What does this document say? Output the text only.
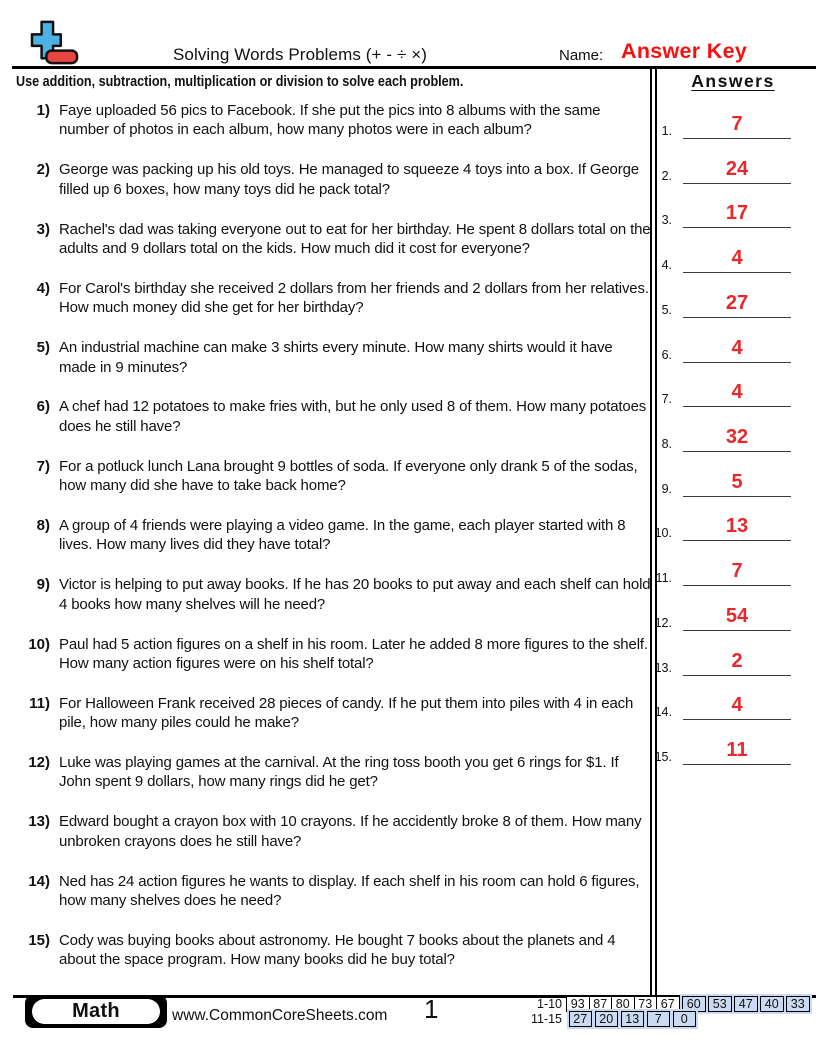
Solving Words Problems (+ - ÷ ×)	Name: Answer Key
Use addition, subtraction, multiplication or division to solve each problem.	Answers
1.	7
2.	24
3.	17
4.	4
5.	27
6.	4
7.	4
8.	32
9.	5
10.	13
11.	7
12.	54
13.	2
14.	4
15.	11
1) Faye uploaded 56 pics to Facebook. If she put the pics into 8 albums with the same number of photos in each album, how many photos were in each album?
2) George was packing up his old toys. He managed to squeeze 4 toys into a box. If George filled up 6 boxes, how many toys did he pack total?
3) Rachel's dad was taking everyone out to eat for her birthday. He spent 8 dollars total on the adults and 9 dollars total on the kids. How much did it cost for everyone?
4) For Carol's birthday she received 2 dollars from her friends and 2 dollars from her relatives. How much money did she get for her birthday?
5) An industrial machine can make 3 shirts every minute. How many shirts would it have made in 9 minutes?
6) A chef had 12 potatoes to make fries with, but he only used 8 of them. How many potatoes does he still have?
7) For a potluck lunch Lana brought 9 bottles of soda. If everyone only drank 5 of the sodas, how many did she have to take back home?
8) A group of 4 friends were playing a video game. In the game, each player started with 8 lives. How many lives did they have total?
9) Victor is helping to put away books. If he has 20 books to put away and each shelf can hold 4 books how many shelves will he need?
10) Paul had 5 action figures on a shelf in his room. Later he added 8 more figures to the shelf. How many action figures were on his shelf total?
11) For Halloween Frank received 28 pieces of candy. If he put them into piles with 4 in each pile, how many piles could he make?
12) Luke was playing games at the carnival. At the ring toss booth you get 6 rings for $1. If John spent 9 dollars, how many rings did he get?
13) Edward bought a crayon box with 10 crayons. If he accidently broke 8 of them. How many unbroken crayons does he still have?
14) Ned has 24 action figures he wants to display. If each shelf in his room can hold 6 figures, how many shelves does he need?
15) Cody was buying books about astronomy. He bought 7 books about the planets and 4 about the space program. How many books did he buy total?
Math	www.CommonCoreSheets.com 1	1-10 93 87 80 73 67 60 53 47 40 33
11-15 27 20 13	7	0
